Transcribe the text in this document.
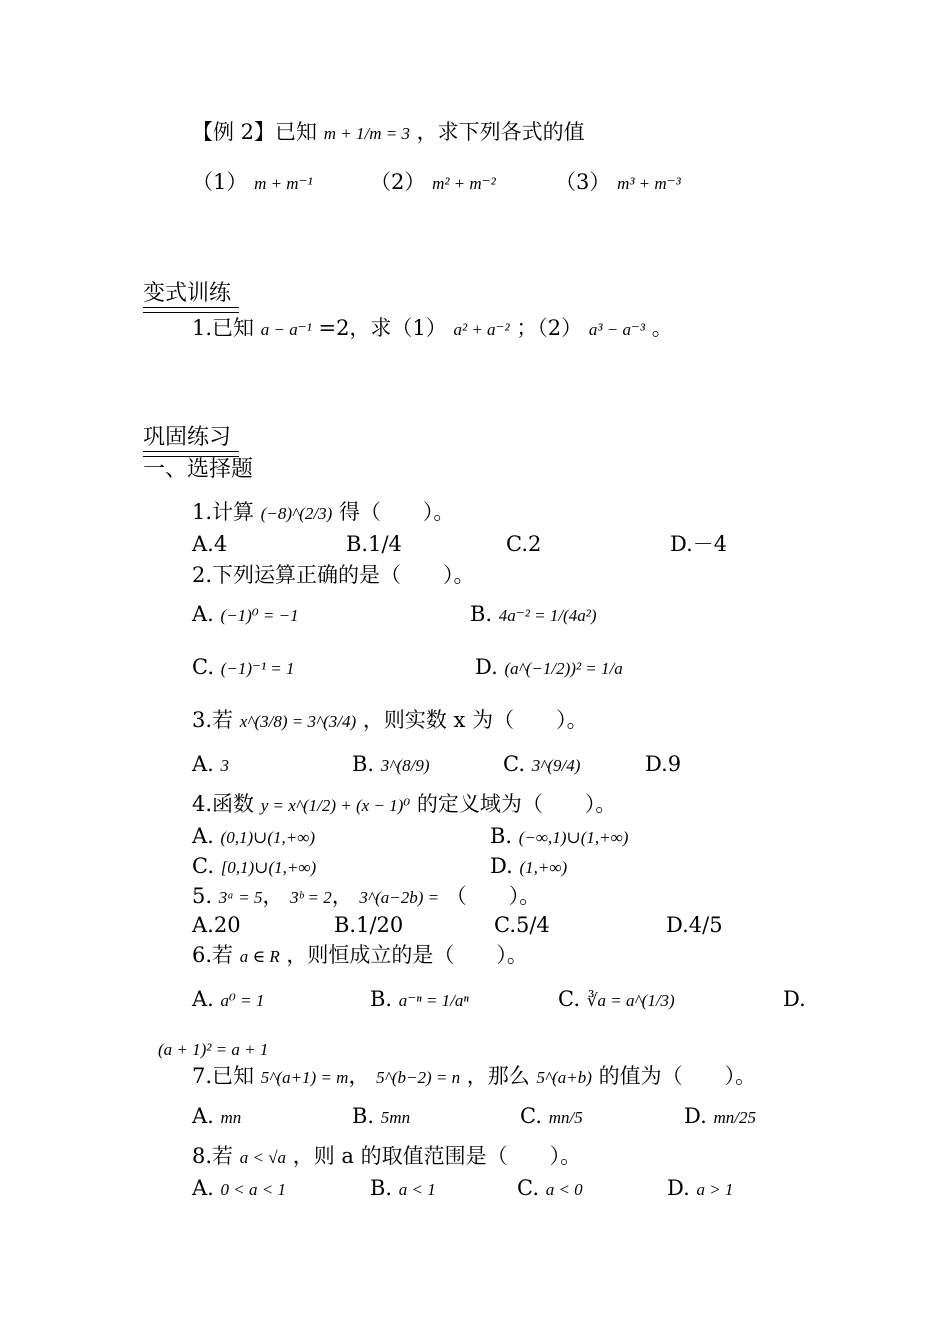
【例 2】已知 m + 1/m = 3 ，求下列各式的值
（1） m + m⁻¹	（2） m² + m⁻²	（3） m³ + m⁻³
变式训练
1.已知 a − a⁻¹ =2，求（1） a² + a⁻² ；（2） a³ − a⁻³ 。
巩固练习
一、选择题
1.计算 (−8)^(2/3) 得（　　）。
A.4	B.1/4	C.2	D.－4
2.下列运算正确的是（　　）。
A. (−1)⁰ = −1	B. 4a⁻² = 1/(4a²)
C. (−1)⁻¹ = 1	D. (a^(−1/2))² = 1/a
3.若 x^(3/8) = 3^(3/4) ，则实数 x 为（　　）。
A. 3	B. 3^(8/9)	C. 3^(9/4)	D.9
4.函数 y = x^(1/2) + (x − 1)⁰ 的定义域为（　　）。
A. (0,1)∪(1,+∞)	B. (−∞,1)∪(1,+∞)
C. [0,1)∪(1,+∞)	D. (1,+∞)
5. 3ᵃ = 5， 3ᵇ = 2， 3^(a−2b) = （　　）。
A.20	B.1/20	C.5/4	D.4/5
6.若 a ∈ R ，则恒成立的是（　　）。
A. a⁰ = 1	B. a⁻ⁿ = 1/aⁿ	C. ∛a = a^(1/3)	D.
(a + 1)² = a + 1
7.已知 5^(a+1) = m， 5^(b−2) = n ，那么 5^(a+b) 的值为（　　）。
A. mn	B. 5mn	C. mn/5	D. mn/25
8.若 a < √a ，则 a 的取值范围是（　　）。
A. 0 < a < 1	B. a < 1	C. a < 0	D. a > 1
